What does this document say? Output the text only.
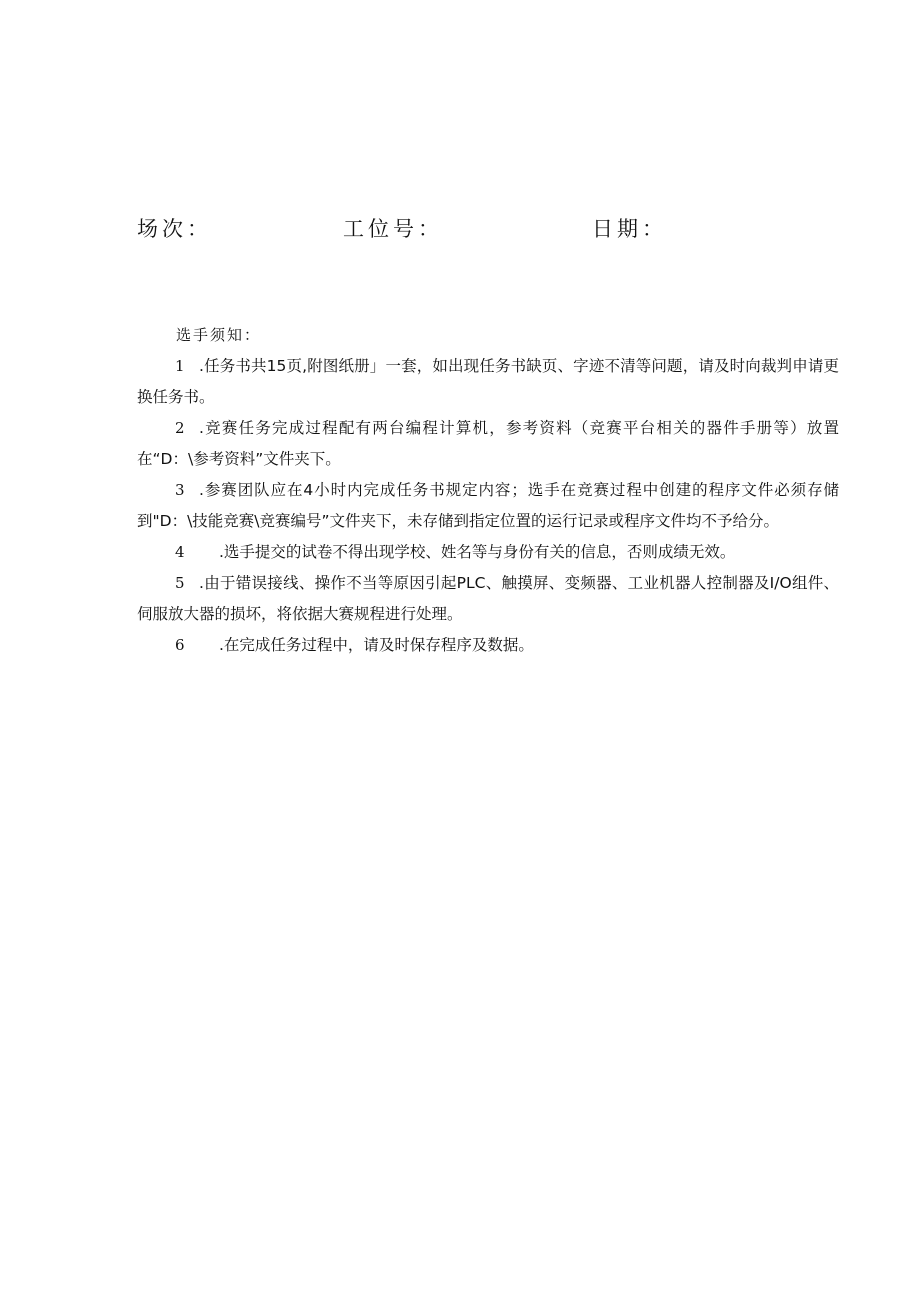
场次：	工位号：	日期：
选手须知：
1 .任务书共15页,附图纸册」一套，如出现任务书缺页、字迹不清等问题，请及时向裁判申请更换任务书。
2 .竞赛任务完成过程配有两台编程计算机，参考资料（竞赛平台相关的器件手册等）放置在“D：\参考资料”文件夹下。
3 .参赛团队应在4小时内完成任务书规定内容；选手在竞赛过程中创建的程序文件必须存储到"D：\技能竞赛\竞赛编号”文件夹下，未存储到指定位置的运行记录或程序文件均不予给分。
4 .选手提交的试卷不得出现学校、姓名等与身份有关的信息，否则成绩无效。
5 .由于错误接线、操作不当等原因引起PLC、触摸屏、变频器、工业机器人控制器及I/O组件、伺服放大器的损坏，将依据大赛规程进行处理。
6 .在完成任务过程中，请及时保存程序及数据。
